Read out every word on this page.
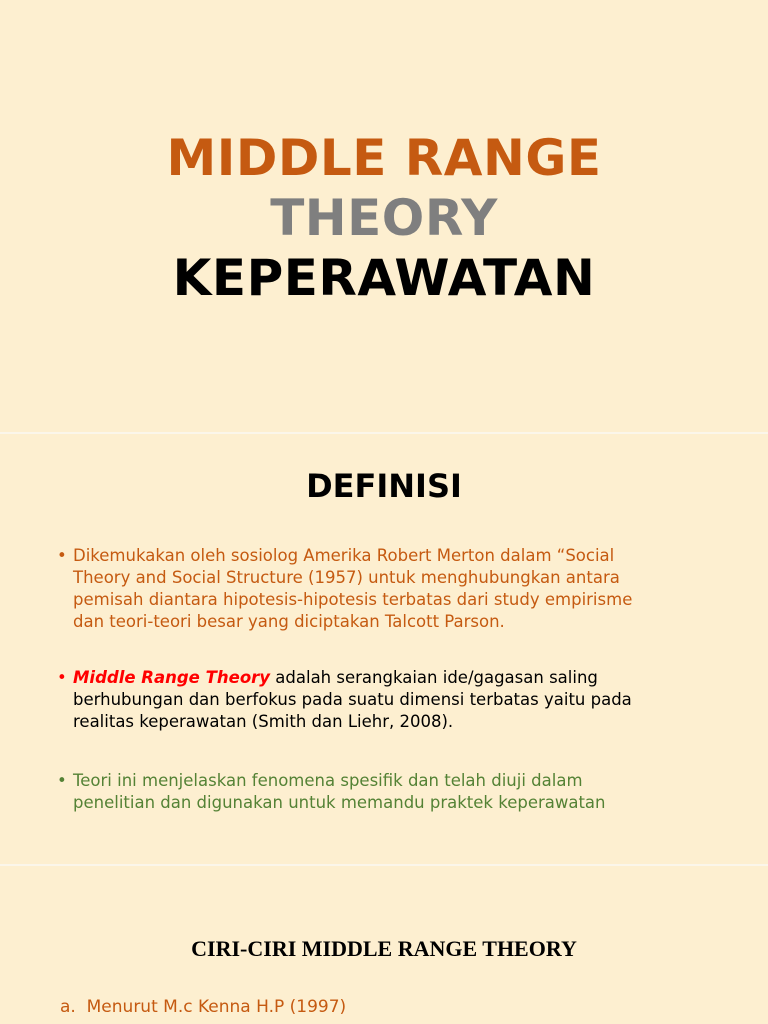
MIDDLE RANGE
THEORY
KEPERAWATAN
DEFINISI
• Dikemukakan oleh sosiolog Amerika Robert Merton dalam “Social
Theory and Social Structure (1957) untuk menghubungkan antara
pemisah diantara hipotesis-hipotesis terbatas dari study empirisme
dan teori-teori besar yang diciptakan Talcott Parson.
• Middle Range Theory adalah serangkaian ide/gagasan saling
berhubungan dan berfokus pada suatu dimensi terbatas yaitu pada
realitas keperawatan (Smith dan Liehr, 2008).
• Teori ini menjelaskan fenomena spesifik dan telah diuji dalam
penelitian dan digunakan untuk memandu praktek keperawatan
CIRI-CIRI MIDDLE RANGE THEORY
a. Menurut M.c Kenna H.P (1997)
